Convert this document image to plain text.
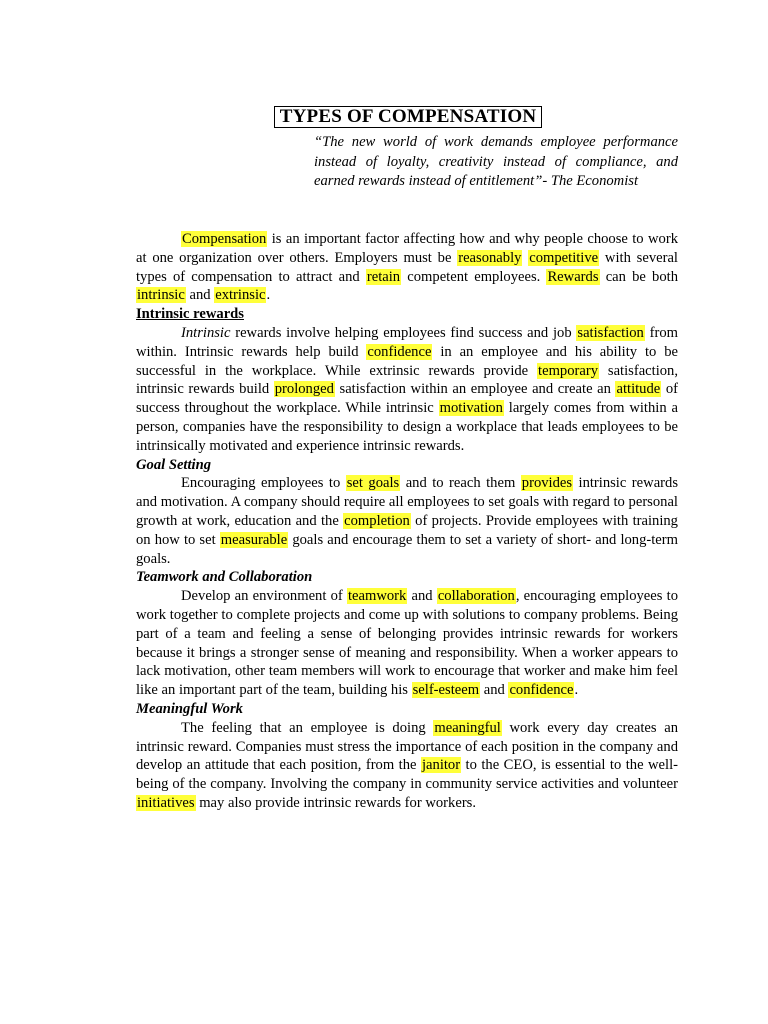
TYPES OF COMPENSATION
“The new world of work demands employee performance instead of loyalty, creativity instead of compliance, and earned rewards instead of entitlement”- The Economist

Compensation is an important factor affecting how and why people choose to work at one organization over others. Employers must be reasonably competitive with several types of compensation to attract and retain competent employees. Rewards can be both intrinsic and extrinsic.

Intrinsic rewards

Intrinsic rewards involve helping employees find success and job satisfaction from within. Intrinsic rewards help build confidence in an employee and his ability to be successful in the workplace. While extrinsic rewards provide temporary satisfaction, intrinsic rewards build prolonged satisfaction within an employee and create an attitude of success throughout the workplace. While intrinsic motivation largely comes from within a person, companies have the responsibility to design a workplace that leads employees to be intrinsically motivated and experience intrinsic rewards.

Goal Setting

Encouraging employees to set goals and to reach them provides intrinsic rewards and motivation. A company should require all employees to set goals with regard to personal growth at work, education and the completion of projects. Provide employees with training on how to set measurable goals and encourage them to set a variety of short- and long-term goals.

Teamwork and Collaboration

Develop an environment of teamwork and collaboration, encouraging employees to work together to complete projects and come up with solutions to company problems. Being part of a team and feeling a sense of belonging provides intrinsic rewards for workers because it brings a stronger sense of meaning and responsibility. When a worker appears to lack motivation, other team members will work to encourage that worker and make him feel like an important part of the team, building his self-esteem and confidence.

Meaningful Work

The feeling that an employee is doing meaningful work every day creates an intrinsic reward. Companies must stress the importance of each position in the company and develop an attitude that each position, from the janitor to the CEO, is essential to the well-being of the company. Involving the company in community service activities and volunteer initiatives may also provide intrinsic rewards for workers.
